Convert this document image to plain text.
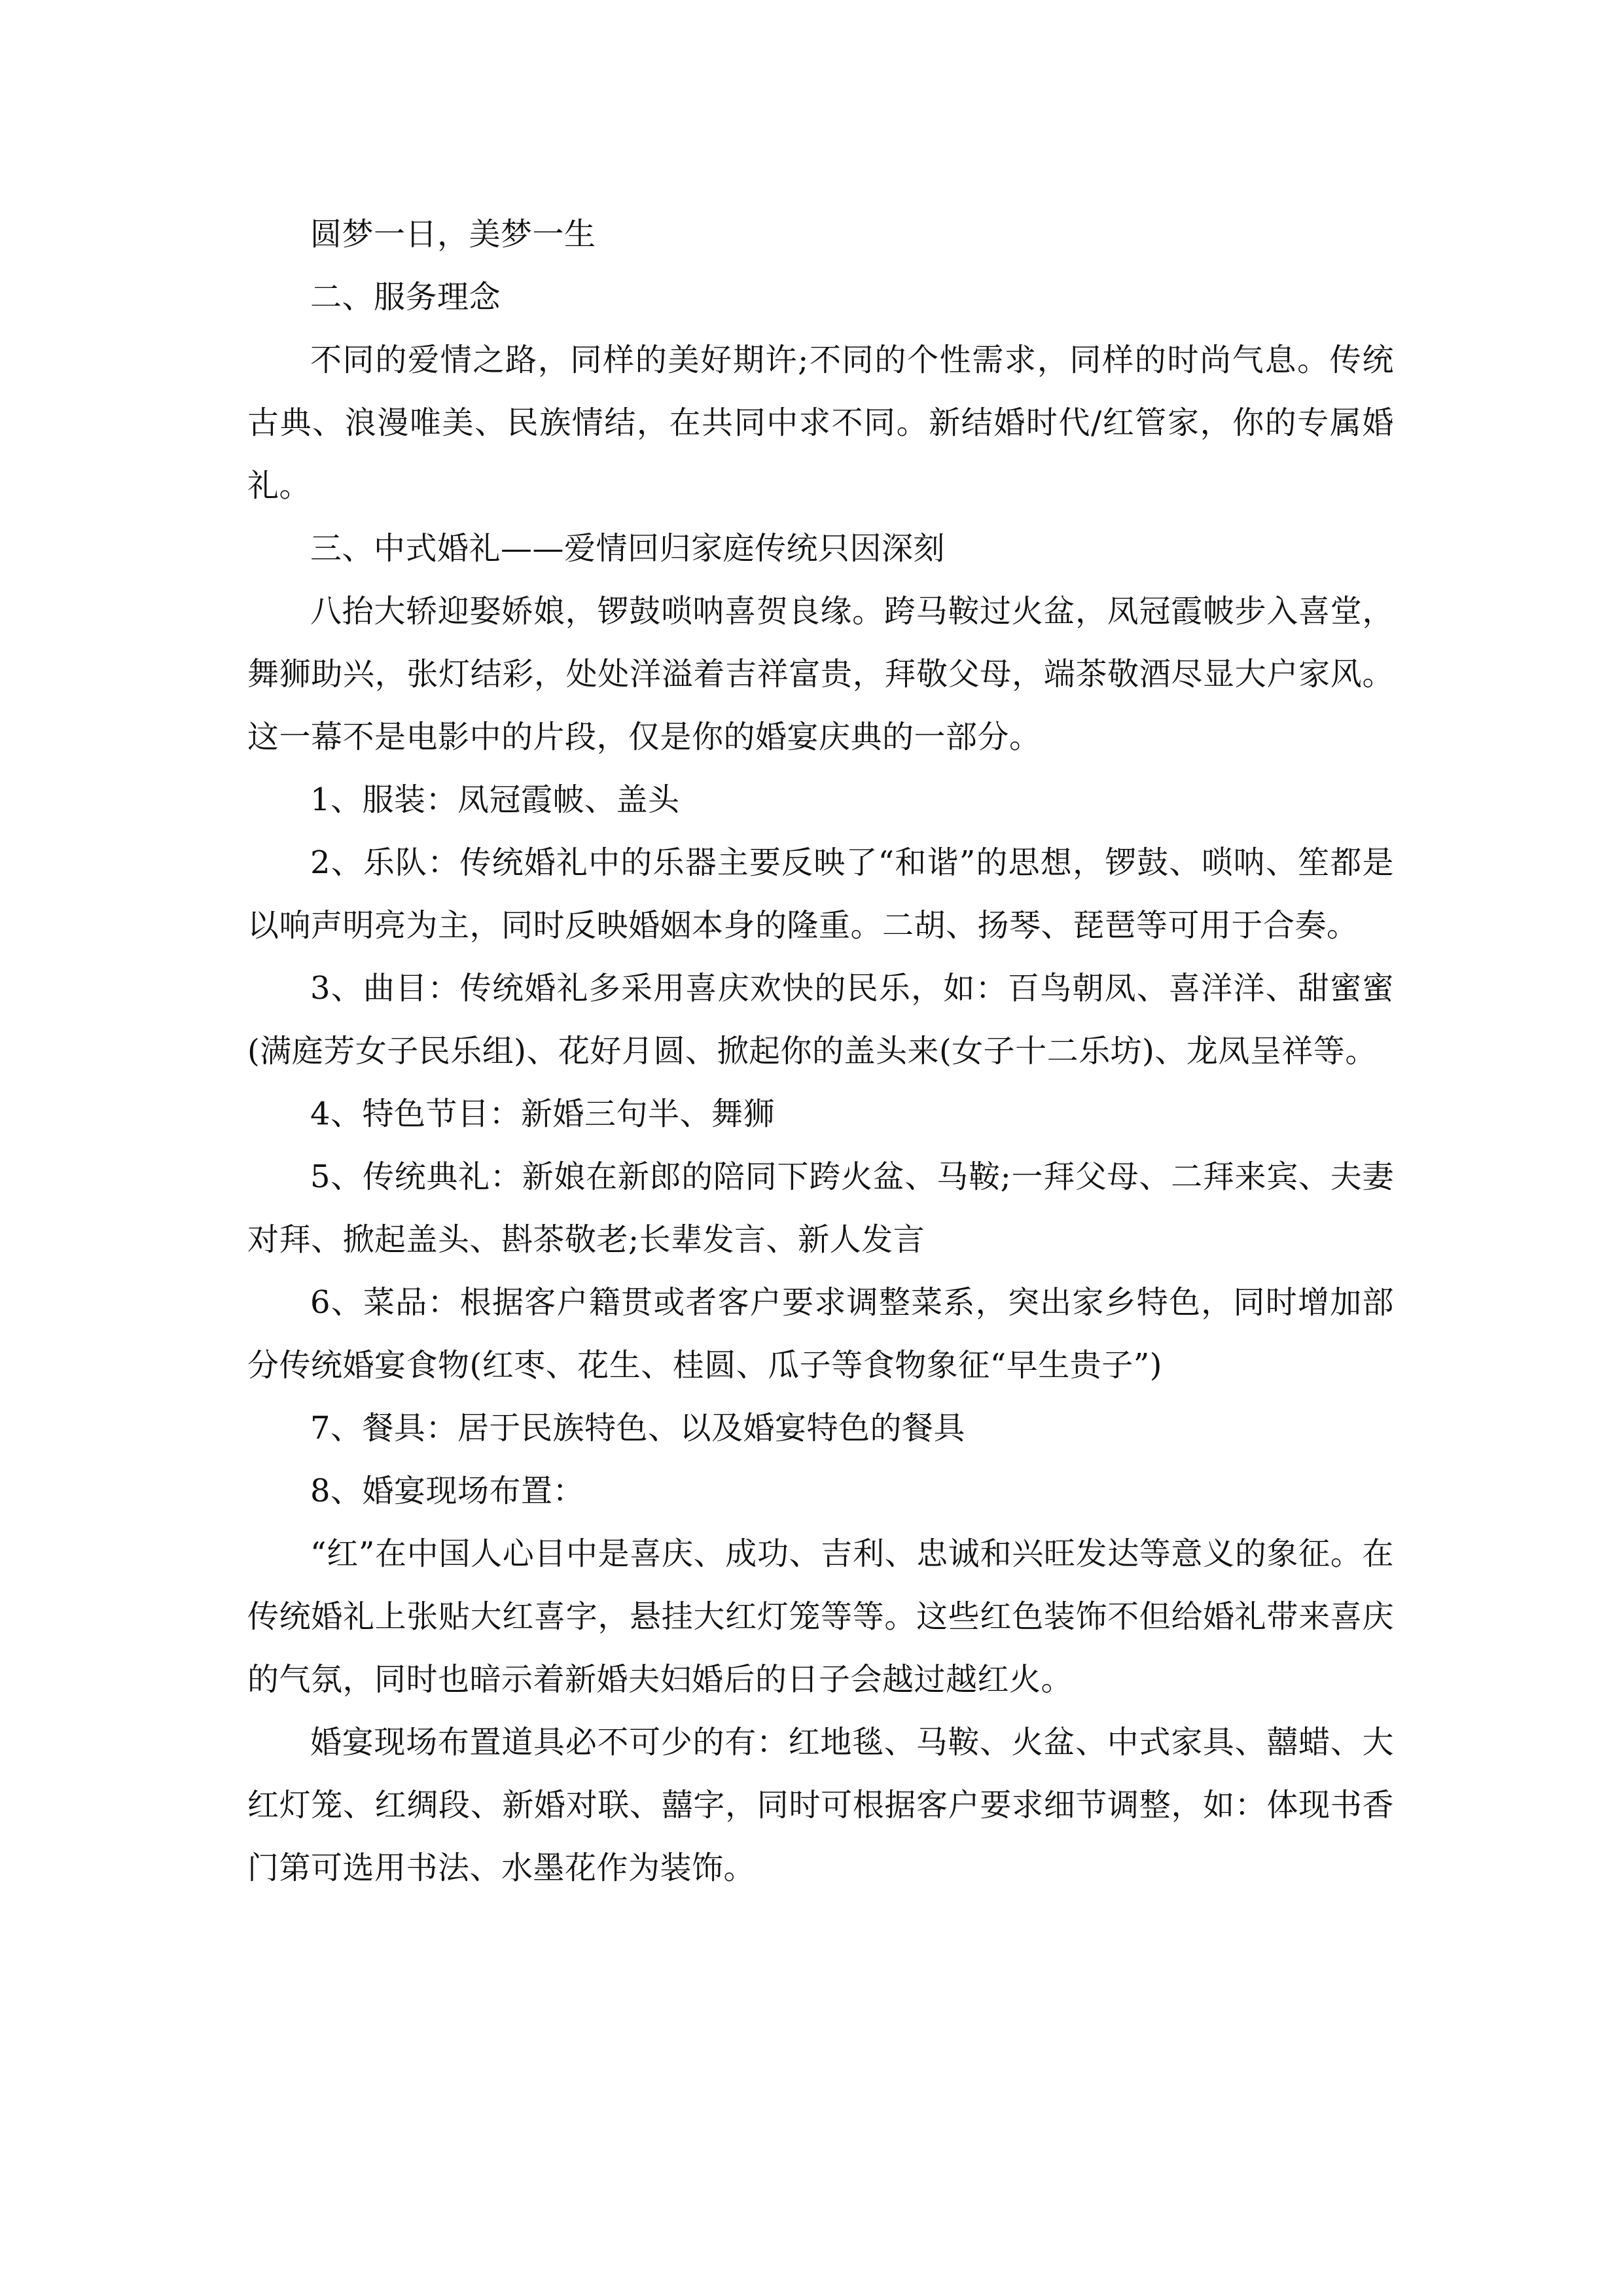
圆梦一日，美梦一生

二、服务理念

不同的爱情之路，同样的美好期许;不同的个性需求，同样的时尚气息。传统古典、浪漫唯美、民族情结，在共同中求不同。新结婚时代/红管家，你的专属婚礼。

三、中式婚礼——爱情回归家庭传统只因深刻

八抬大轿迎娶娇娘，锣鼓唢呐喜贺良缘。跨马鞍过火盆，凤冠霞帔步入喜堂，舞狮助兴，张灯结彩，处处洋溢着吉祥富贵，拜敬父母，端茶敬酒尽显大户家风。这一幕不是电影中的片段，仅是你的婚宴庆典的一部分。

1、服装：凤冠霞帔、盖头

2、乐队：传统婚礼中的乐器主要反映了“和谐”的思想，锣鼓、唢呐、笙都是以响声明亮为主，同时反映婚姻本身的隆重。二胡、扬琴、琵琶等可用于合奏。

3、曲目：传统婚礼多采用喜庆欢快的民乐，如：百鸟朝凤、喜洋洋、甜蜜蜜(满庭芳女子民乐组)、花好月圆、掀起你的盖头来(女子十二乐坊)、龙凤呈祥等。

4、特色节目：新婚三句半、舞狮

5、传统典礼：新娘在新郎的陪同下跨火盆、马鞍;一拜父母、二拜来宾、夫妻对拜、掀起盖头、斟茶敬老;长辈发言、新人发言

6、菜品：根据客户籍贯或者客户要求调整菜系，突出家乡特色，同时增加部分传统婚宴食物(红枣、花生、桂圆、瓜子等食物象征“早生贵子”)

7、餐具：居于民族特色、以及婚宴特色的餐具

8、婚宴现场布置：

“红”在中国人心目中是喜庆、成功、吉利、忠诚和兴旺发达等意义的象征。在传统婚礼上张贴大红喜字，悬挂大红灯笼等等。这些红色装饰不但给婚礼带来喜庆的气氛，同时也暗示着新婚夫妇婚后的日子会越过越红火。

婚宴现场布置道具必不可少的有：红地毯、马鞍、火盆、中式家具、囍蜡、大红灯笼、红绸段、新婚对联、囍字，同时可根据客户要求细节调整，如：体现书香门第可选用书法、水墨花作为装饰。
